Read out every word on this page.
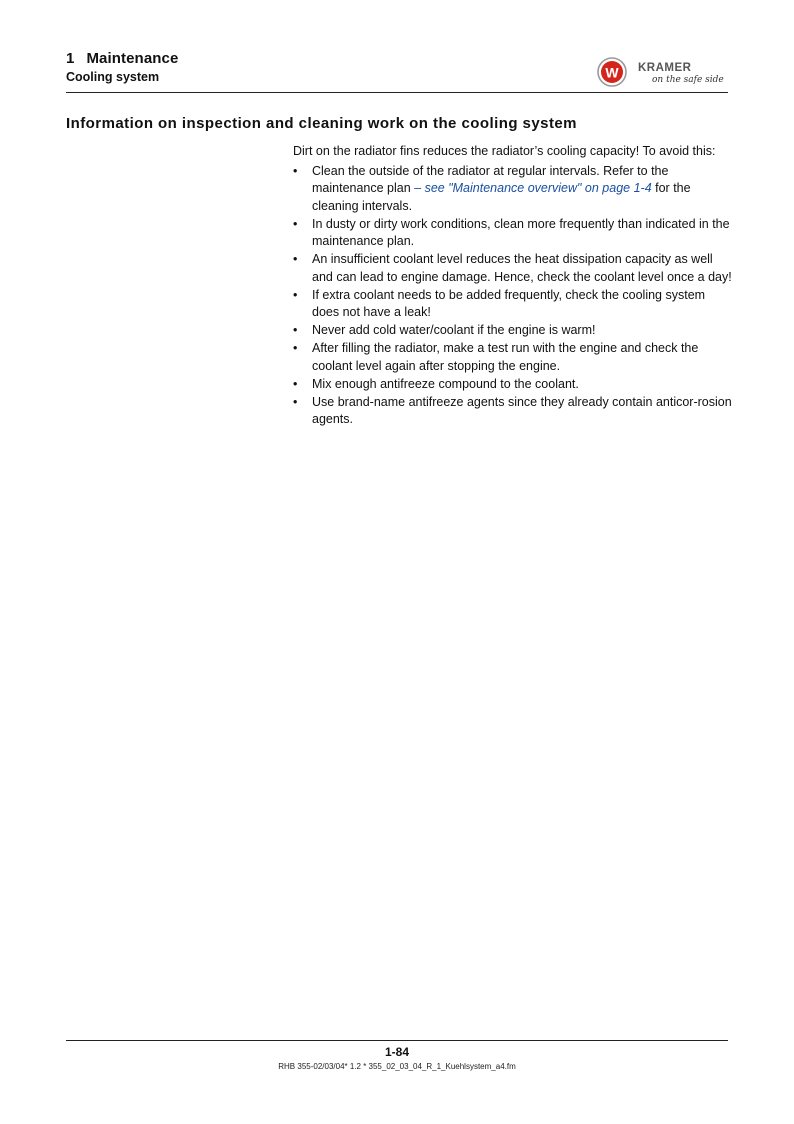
1 Maintenance
Cooling system	W KRAMER
on the safe side
Information on inspection and cleaning work on the cooling system

Dirt on the radiator fins reduces the radiator’s cooling capacity! To avoid this:

• Clean the outside of the radiator at regular intervals. Refer to the maintenance plan – see "Maintenance overview" on page 1-4 for the cleaning intervals.
• In dusty or dirty work conditions, clean more frequently than indicated in the maintenance plan.
• An insufficient coolant level reduces the heat dissipation capacity as well and can lead to engine damage. Hence, check the coolant level once a day!
• If extra coolant needs to be added frequently, check the cooling system does not have a leak!
• Never add cold water/coolant if the engine is warm!
• After filling the radiator, make a test run with the engine and check the coolant level again after stopping the engine.
• Mix enough antifreeze compound to the coolant.
• Use brand-name antifreeze agents since they already contain anticor-rosion agents.
1-84
RHB 355-02/03/04* 1.2 * 355_02_03_04_R_1_Kuehlsystem_a4.fm
